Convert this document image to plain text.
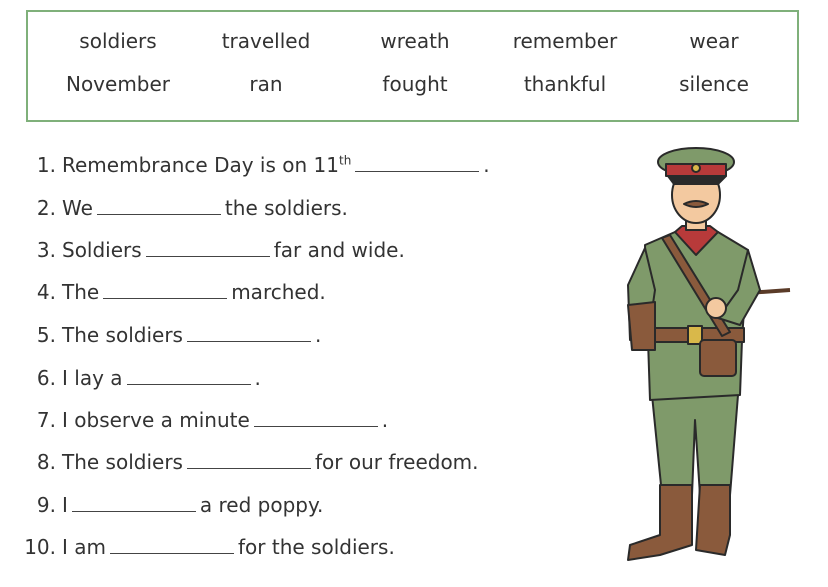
soldiers	travelled	wreath	remember	wear
November	ran	fought	thankful	silence
1. Remembrance Day is on 11th	.
2. We	the soldiers.
3. Soldiers	far and wide.
4. The	marched.
5. The soldiers	.
6. I lay a	.
7. I observe a minute	.
8. The soldiers	for our freedom.
9. I	a red poppy.
10. I am	for the soldiers.
